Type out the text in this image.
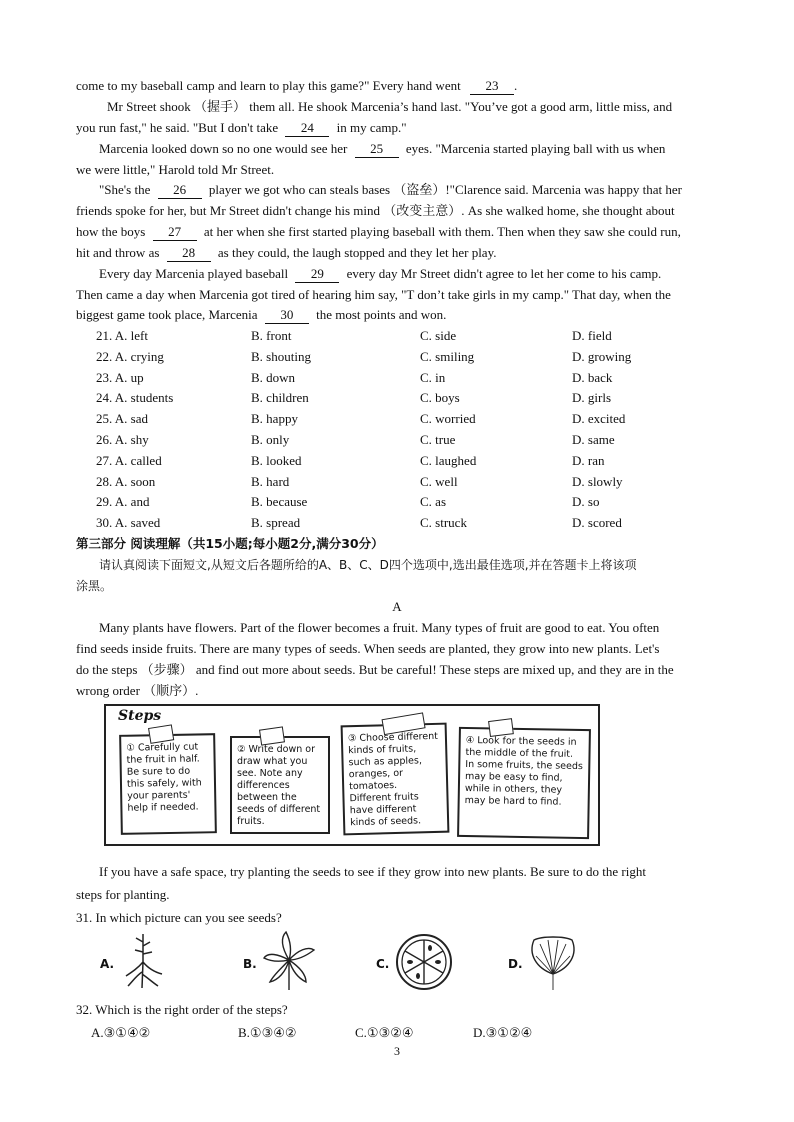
come to my baseball camp and learn to play this game?" Every hand went 23 .
Mr Street shook （握手） them all. He shook Marcenia’s hand last. "You’ve got a good arm, little miss, and
you run fast," he said. "But I don't take 24 in my camp."
Marcenia looked down so no one would see her 25 eyes. "Marcenia started playing ball with us when
we were little," Harold told Mr Street.
"She's the 26 player we got who can steals bases （盗垒）!"Clarence said. Marcenia was happy that her
friends spoke for her, but Mr Street didn't change his mind （改变主意）. As she walked home, she thought about
how the boys 27 at her when she first started playing baseball with them. Then when they saw she could run,
hit and throw as 28 as they could, the laugh stopped and they let her play.
Every day Marcenia played baseball 29 every day Mr Street didn't agree to let her come to his camp.
Then came a day when Marcenia got tired of hearing him say, "T don’t take girls in my camp." That day, when the
biggest game took place, Marcenia 30 the most points and won.
21. A. left	B. front	C. side	D. field
22. A. crying	B. shouting	C. smiling	D. growing
23. A. up	B. down	C. in	D. back
24. A. students	B. children	C. boys	D. girls
25. A. sad	B. happy	C. worried	D. excited
26. A. shy	B. only	C. true	D. same
27. A. called	B. looked	C. laughed	D. ran
28. A. soon	B. hard	C. well	D. slowly
29. A. and	B. because	C. as	D. so
30. A. saved	B. spread	C. struck	D. scored
第三部分 阅读理解（共15小题;每小题2分,满分30分）
请认真阅读下面短文,从短文后各题所给的A、B、C、D四个选项中,选出最佳选项,并在答题卡上将该项
涂黑。
A
Many plants have flowers. Part of the flower becomes a fruit. Many types of fruit are good to eat. You often
find seeds inside fruits. There are many types of seeds. When seeds are planted, they grow into new plants. Let's
do the steps （步骤） and find out more about seeds. But be careful! These steps are mixed up, and they are in the
wrong order （顺序）.
Steps
① Carefully cut the fruit in half. Be sure to do this safely, with your parents' help if needed.
② Write down or draw what you see. Note any differences between the seeds of different fruits.
③ Choose different kinds of fruits, such as apples, oranges, or tomatoes. Different fruits have different kinds of seeds.
④ Look for the seeds in the middle of the fruit. In some fruits, the seeds may be easy to find, while in others, they may be hard to find.
If you have a safe space, try planting the seeds to see if they grow into new plants. Be sure to do the right
steps for planting.
31. In which picture can you see seeds?
A.	B.	C.	D.
32. Which is the right order of the steps?
A.③①④②	B.①③④②	C.①③②④	D.③①②④
3
